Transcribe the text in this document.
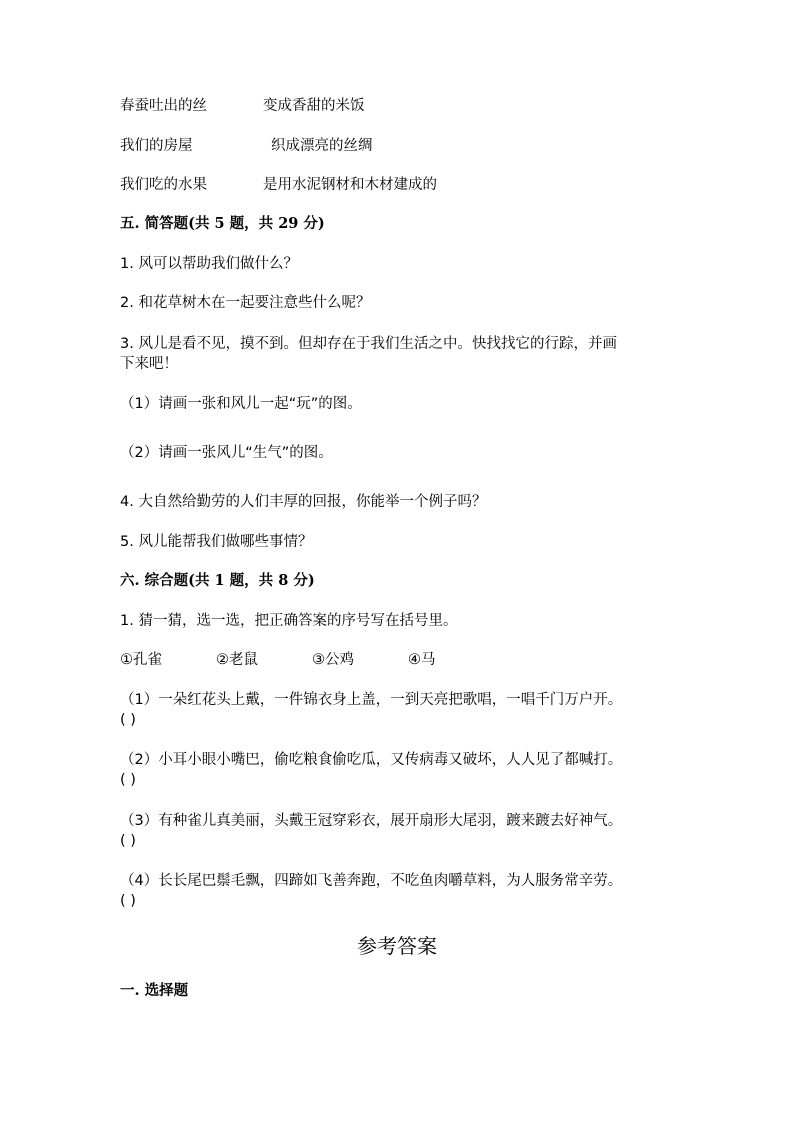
春蚕吐出的丝	变成香甜的米饭
我们的房屋	织成漂亮的丝绸
我们吃的水果	是用水泥钢材和木材建成的
五. 简答题(共 5 题，共 29 分)
1. 风可以帮助我们做什么？
2. 和花草树木在一起要注意些什么呢？
3. 风儿是看不见，摸不到。但却存在于我们生活之中。快找找它的行踪，并画
下来吧！
（1）请画一张和风儿一起“玩”的图。
（2）请画一张风儿“生气”的图。
4. 大自然给勤劳的人们丰厚的回报，你能举一个例子吗？
5. 风儿能帮我们做哪些事情？
六. 综合题(共 1 题，共 8 分)
1. 猜一猜，选一选，把正确答案的序号写在括号里。
①孔雀	②老鼠	③公鸡	④马
（1）一朵红花头上戴，一件锦衣身上盖，一到天亮把歌唱，一唱千门万户开。
( )
（2）小耳小眼小嘴巴，偷吃粮食偷吃瓜，又传病毒又破坏，人人见了都喊打。
( )
（3）有种雀儿真美丽，头戴王冠穿彩衣，展开扇形大尾羽，踱来踱去好神气。
( )
（4）长长尾巴鬃毛飘，四蹄如飞善奔跑，不吃鱼肉嚼草料，为人服务常辛劳。
( )
参考答案
一. 选择题
